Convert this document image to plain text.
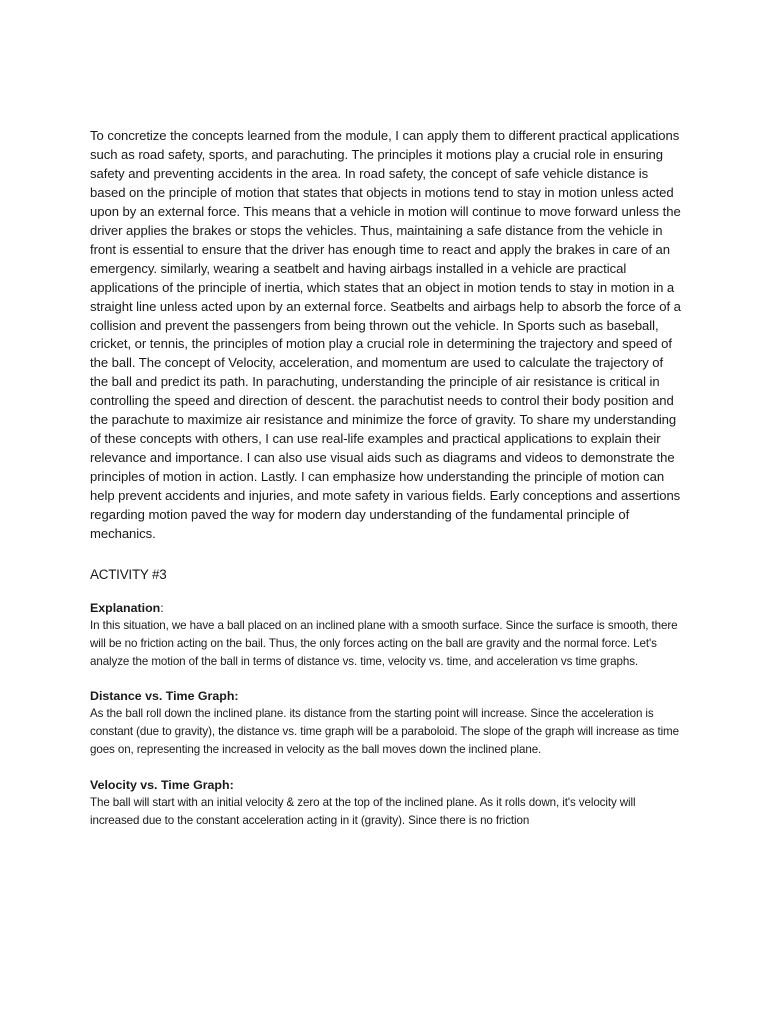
To concretize the concepts learned from the module, I can apply them to different practical applications such as road safety, sports, and parachuting. The principles it motions play a crucial role in ensuring safety and preventing accidents in the area. In road safety, the concept of safe vehicle distance is based on the principle of motion that states that objects in motions tend to stay in motion unless acted upon by an external force. This means that a vehicle in motion will continue to move forward unless the driver applies the brakes or stops the vehicles. Thus, maintaining a safe distance from the vehicle in front is essential to ensure that the driver has enough time to react and apply the brakes in care of an emergency. similarly, wearing a seatbelt and having airbags installed in a vehicle are practical applications of the principle of inertia, which states that an object in motion tends to stay in motion in a straight line unless acted upon by an external force. Seatbelts and airbags help to absorb the force of a collision and prevent the passengers from being thrown out the vehicle. In Sports such as baseball, cricket, or tennis, the principles of motion play a crucial role in determining the trajectory and speed of the ball. The concept of Velocity, acceleration, and momentum are used to calculate the trajectory of the ball and predict its path. In parachuting, understanding the principle of air resistance is critical in controlling the speed and direction of descent. the parachutist needs to control their body position and the parachute to maximize air resistance and minimize the force of gravity. To share my understanding of these concepts with others, I can use real-life examples and practical applications to explain their relevance and importance. I can also use visual aids such as diagrams and videos to demonstrate the principles of motion in action. Lastly. I can emphasize how understanding the principle of motion can help prevent accidents and injuries, and mote safety in various fields. Early conceptions and assertions regarding motion paved the way for modern day understanding of the fundamental principle of mechanics.

ACTIVITY #3

Explanation:

In this situation, we have a ball placed on an inclined plane with a smooth surface. Since the surface is smooth, there will be no friction acting on the bail. Thus, the only forces acting on the ball are gravity and the normal force. Let's analyze the motion of the ball in terms of distance vs. time, velocity vs. time, and acceleration vs time graphs.

Distance vs. Time Graph:

As the ball roll down the inclined plane. its distance from the starting point will increase. Since the acceleration is constant (due to gravity), the distance vs. time graph will be a paraboloid. The slope of the graph will increase as time goes on, representing the increased in velocity as the ball moves down the inclined plane.

Velocity vs. Time Graph:

The ball will start with an initial velocity & zero at the top of the inclined plane. As it rolls down, it's velocity will increased due to the constant acceleration acting in it (gravity). Since there is no friction
